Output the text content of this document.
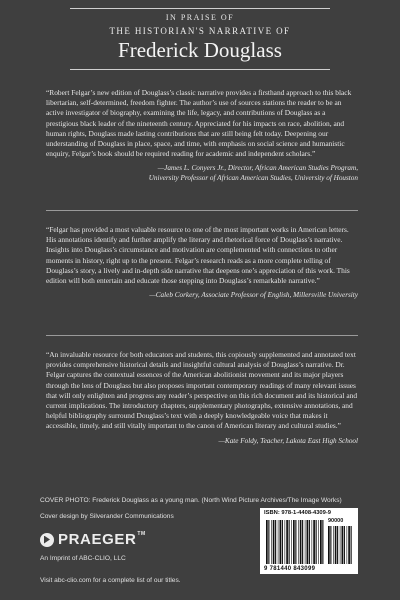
IN PRAISE OF
THE HISTORIAN'S NARRATIVE OF
Frederick Douglass
“Robert Felgar’s new edition of Douglass’s classic narrative provides a firsthand approach to this black libertarian, self-determined, freedom fighter. The author’s use of sources stations the reader to be an active investigator of biography, examining the life, legacy, and contributions of Douglass as a prestigious black leader of the nineteenth century. Appreciated for his impacts on race, abolition, and human rights, Douglass made lasting contributions that are still being felt today. Deepening our understanding of Douglass in place, space, and time, with emphasis on social science and humanistic enquiry, Felgar’s book should be required reading for academic and independent scholars.”
—James L. Conyers Jr., Director, African American Studies Program,
University Professor of African American Studies, University of Houston
“Felgar has provided a most valuable resource to one of the most important works in American letters. His annotations identify and further amplify the literary and rhetorical force of Douglass’s narrative. Insights into Douglass’s circumstance and motivation are complemented with connections to other moments in history, right up to the present. Felgar’s research reads as a more complete telling of Douglass’s story, a lively and in-depth side narrative that deepens one’s appreciation of this work. This edition will both entertain and educate those stepping into Douglass’s remarkable narrative.”
—Caleb Corkery, Associate Professor of English, Millersville University
“An invaluable resource for both educators and students, this copiously supplemented and annotated text provides comprehensive historical details and insightful cultural analysis of Douglass’s narrative. Dr. Felgar captures the contextual essences of the American abolitionist movement and its major players through the lens of Douglass but also proposes important contemporary readings of many relevant issues that will only enlighten and progress any reader’s perspective on this rich document and its historical and current implications. The introductory chapters, supplementary photographs, extensive annotations, and helpful bibliography surround Douglass’s text with a deeply knowledgeable voice that makes it accessible, timely, and still vitally important to the canon of American literary and cultural studies.”
—Kate Foldy, Teacher, Lakota East High School
COVER PHOTO: Frederick Douglass as a young man. (North Wind Picture Archives/The Image Works)
Cover design by Silverander Communications
PRAEGER™
An Imprint of ABC-CLIO, LLC
Visit abc-clio.com for a complete list of our titles.
ISBN: 978-1-4408-4309-9
90000
9 781440 843099
